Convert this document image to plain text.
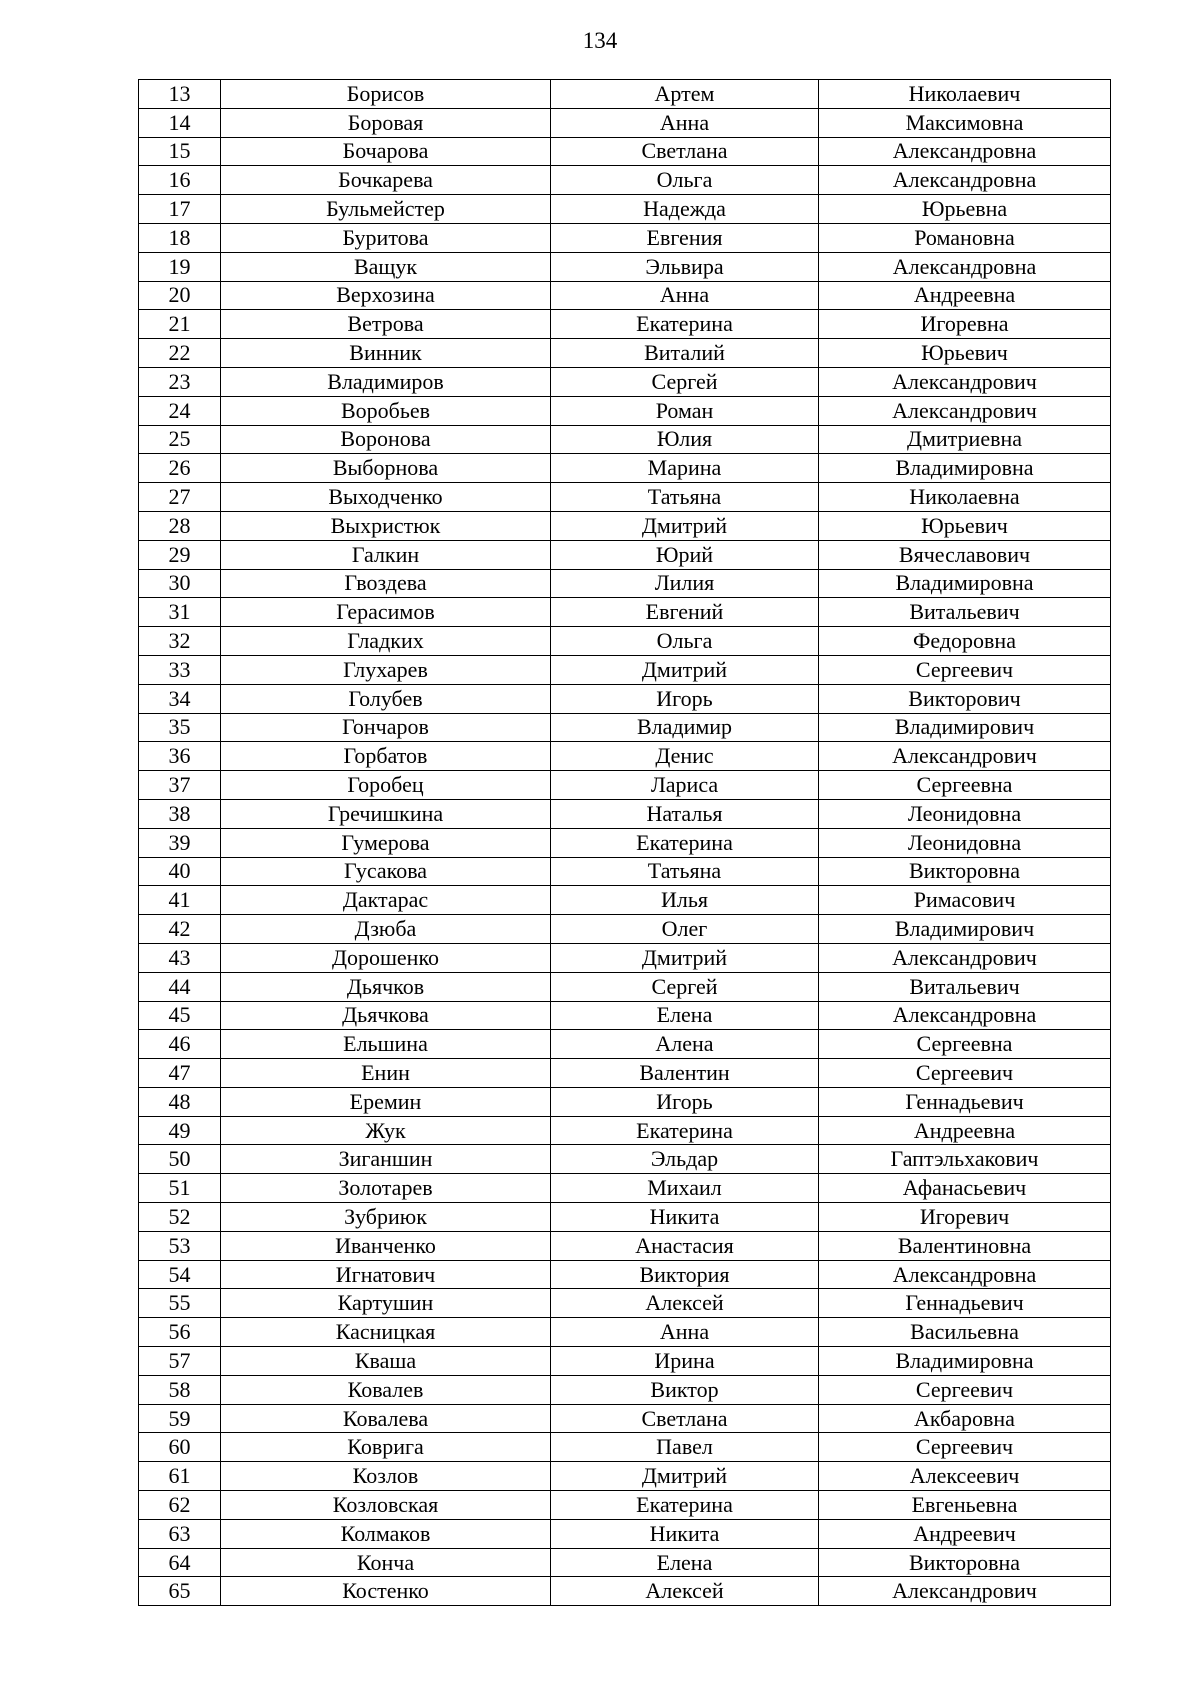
134
13	Борисов	Артем	Николаевич
14	Боровая	Анна	Максимовна
15	Бочарова	Светлана	Александровна
16	Бочкарева	Ольга	Александровна
17	Бульмейстер	Надежда	Юрьевна
18	Буритова	Евгения	Романовна
19	Ващук	Эльвира	Александровна
20	Верхозина	Анна	Андреевна
21	Ветрова	Екатерина	Игоревна
22	Винник	Виталий	Юрьевич
23	Владимиров	Сергей	Александрович
24	Воробьев	Роман	Александрович
25	Воронова	Юлия	Дмитриевна
26	Выборнова	Марина	Владимировна
27	Выходченко	Татьяна	Николаевна
28	Выхристюк	Дмитрий	Юрьевич
29	Галкин	Юрий	Вячеславович
30	Гвоздева	Лилия	Владимировна
31	Герасимов	Евгений	Витальевич
32	Гладких	Ольга	Федоровна
33	Глухарев	Дмитрий	Сергеевич
34	Голубев	Игорь	Викторович
35	Гончаров	Владимир	Владимирович
36	Горбатов	Денис	Александрович
37	Горобец	Лариса	Сергеевна
38	Гречишкина	Наталья	Леонидовна
39	Гумерова	Екатерина	Леонидовна
40	Гусакова	Татьяна	Викторовна
41	Дактарас	Илья	Римасович
42	Дзюба	Олег	Владимирович
43	Дорошенко	Дмитрий	Александрович
44	Дьячков	Сергей	Витальевич
45	Дьячкова	Елена	Александровна
46	Ельшина	Алена	Сергеевна
47	Енин	Валентин	Сергеевич
48	Еремин	Игорь	Геннадьевич
49	Жук	Екатерина	Андреевна
50	Зиганшин	Эльдар	Гаптэльхакович
51	Золотарев	Михаил	Афанасьевич
52	Зубриюк	Никита	Игоревич
53	Иванченко	Анастасия	Валентиновна
54	Игнатович	Виктория	Александровна
55	Картушин	Алексей	Геннадьевич
56	Касницкая	Анна	Васильевна
57	Кваша	Ирина	Владимировна
58	Ковалев	Виктор	Сергеевич
59	Ковалева	Светлана	Акбаровна
60	Коврига	Павел	Сергеевич
61	Козлов	Дмитрий	Алексеевич
62	Козловская	Екатерина	Евгеньевна
63	Колмаков	Никита	Андреевич
64	Конча	Елена	Викторовна
65	Костенко	Алексей	Александрович
